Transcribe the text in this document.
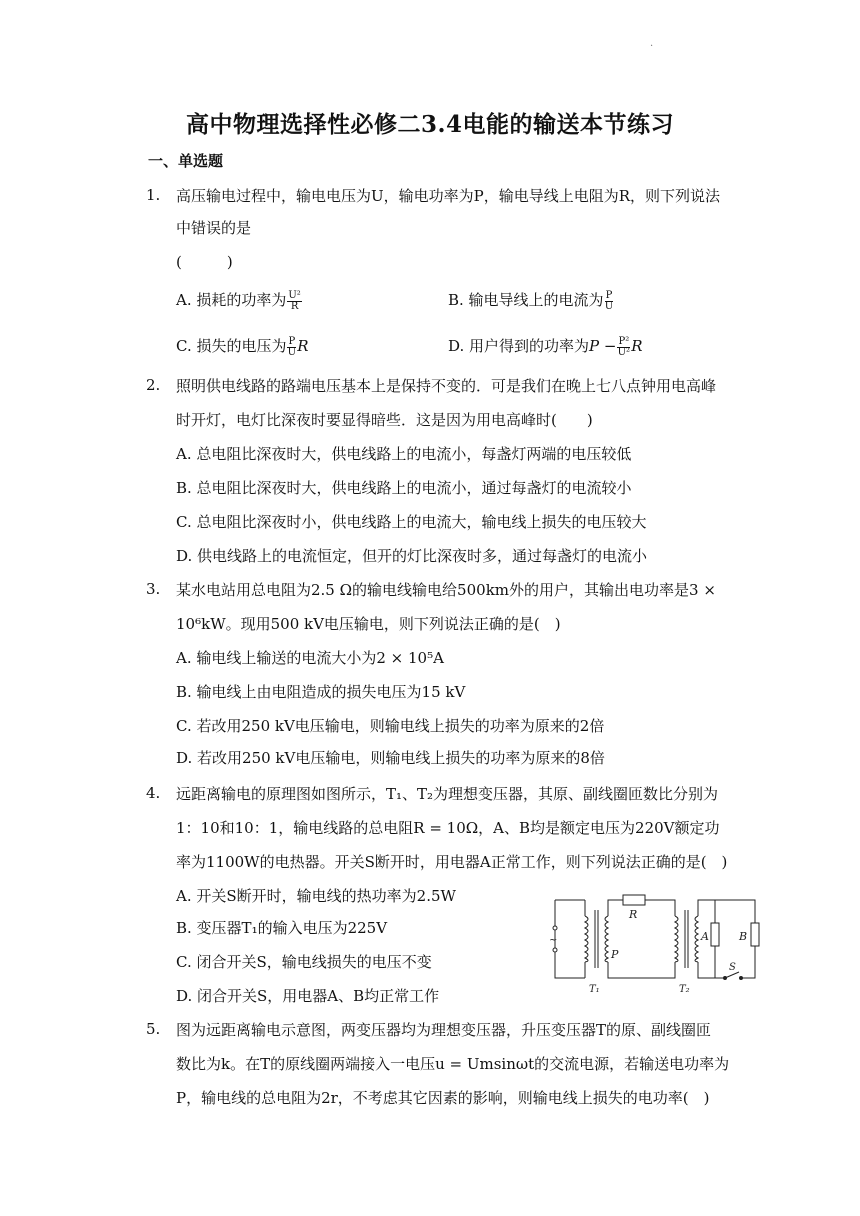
.
高中物理选择性必修二3.4电能的输送本节练习
一、单选题
1. 高压输电过程中，输电电压为U，输电功率为P，输电导线上电阻为R，则下列说法
中错误的是
(　　　)
A. 损耗的功率为 $\frac{\text{U²}}{R}$	B. 输电导线上的电流为 $\frac{P}{U}$
C. 损失的电压为 $\frac{P}{U}$ R	D. 用户得到的功率为$P - \frac{\text{P²}}{\text{U²}}$ R
2. 照明供电线路的路端电压基本上是保持不变的．可是我们在晚上七八点钟用电高峰
时开灯，电灯比深夜时要显得暗些．这是因为用电高峰时(　　)
A. 总电阻比深夜时大，供电线路上的电流小，每盏灯两端的电压较低
B. 总电阻比深夜时大，供电线路上的电流小，通过每盏灯的电流较小
C. 总电阻比深夜时小，供电线路上的电流大，输电线上损失的电压较大
D. 供电线路上的电流恒定，但开的灯比深夜时多，通过每盏灯的电流小
3. 某水电站用总电阻为2.5 Ω的输电线输电给500km外的用户，其输出电功率是3 ×
10⁶kW。现用500 kV电压输电，则下列说法正确的是(　)
A. 输电线上输送的电流大小为2 × 10⁵A
B. 输电线上由电阻造成的损失电压为15 kV
C. 若改用250 kV电压输电，则输电线上损失的功率为原来的2倍
D. 若改用250 kV电压输电，则输电线上损失的功率为原来的8倍
4. 远距离输电的原理图如图所示，T₁、T₂为理想变压器，其原、副线圈匝数比分别为
1：10和10：1，输电线路的总电阻R = 10Ω，A、B均是额定电压为220V额定功
率为1100W的电热器。开关S断开时，用电器A正常工作，则下列说法正确的是(　)
A. 开关S断开时，输电线的热功率为2.5W
B. 变压器T₁的输入电压为225V
C. 闭合开关S，输电线损失的电压不变
D. 闭合开关S，用电器A、B均正常工作
~
R
P
A	B
S
T₁	T₂
5. 图为远距离输电示意图，两变压器均为理想变压器，升压变压器T的原、副线圈匝
数比为k。在T的原线圈两端接入一电压u = Umsinωt的交流电源，若输送电功率为
P，输电线的总电阻为2r，不考虑其它因素的影响，则输电线上损失的电功率(　)
